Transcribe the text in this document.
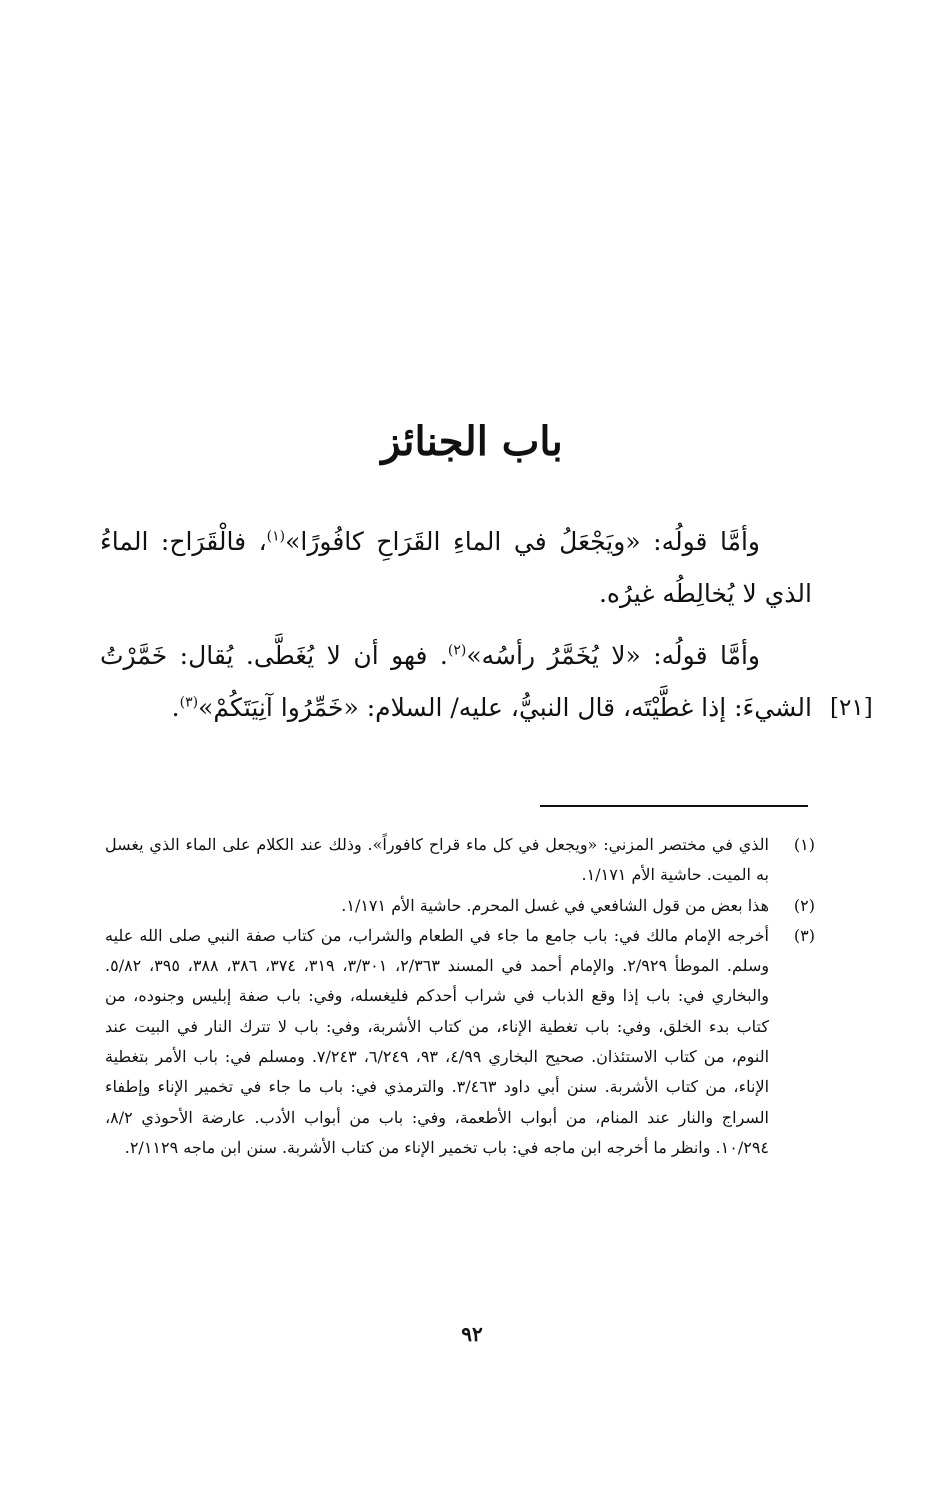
باب الجنائز

وأمَّا قولُه: «ويَجْعَلُ في الماءِ القَرَاحِ كافُورًا»$^{(١)}$، فالْقَرَاح: الماءُ الذي لا يُخالِطُه غيرُه.

وأمَّا قولُه: «لا يُخَمَّرُ رأسُه»$^{(٢)}$. فهو أن لا يُغَطَّى. يُقال: خَمَّرْتُ الشيءَ: إذا غطَّيْتَه، قال النبيُّ، عليه/ السلام: «خَمِّرُوا آنِيَتَكُمْ»$^{(٣)}$.	[٢١]
(١)
الذي في مختصر المزني: «ويجعل في كل ماء قراح كافوراً». وذلك عند الكلام على الماء الذي يغسل به الميت. حاشية الأم ١/١٧١.
(٢)
هذا بعض من قول الشافعي في غسل المحرم. حاشية الأم ١/١٧١.
(٣)
أخرجه الإمام مالك في: باب جامع ما جاء في الطعام والشراب، من كتاب صفة النبي صلى الله عليه وسلم. الموطأ ٢/٩٢٩. والإمام أحمد في المسند ٢/٣٦٣، ٣/٣٠١، ٣١٩، ٣٧٤، ٣٨٦، ٣٨٨، ٣٩٥، ٥/٨٢. والبخاري في: باب إذا وقع الذباب في شراب أحدكم فليغسله، وفي: باب صفة إبليس وجنوده، من كتاب بدء الخلق، وفي: باب تغطية الإناء، من كتاب الأشربة، وفي: باب لا تترك النار في البيت عند النوم، من كتاب الاستئذان. صحيح البخاري ٤/٩٩، ٩٣، ٦/٢٤٩، ٧/٢٤٣. ومسلم في: باب الأمر بتغطية الإناء، من كتاب الأشربة. سنن أبي داود ٣/٤٦٣. والترمذي في: باب ما جاء في تخمير الإناء وإطفاء السراج والنار عند المنام، من أبواب الأطعمة، وفي: باب من أبواب الأدب. عارضة الأحوذي ٨/٢، ١٠/٢٩٤. وانظر ما أخرجه ابن ماجه في: باب تخمير الإناء من كتاب الأشربة. سنن ابن ماجه ٢/١١٢٩.
٩٢
